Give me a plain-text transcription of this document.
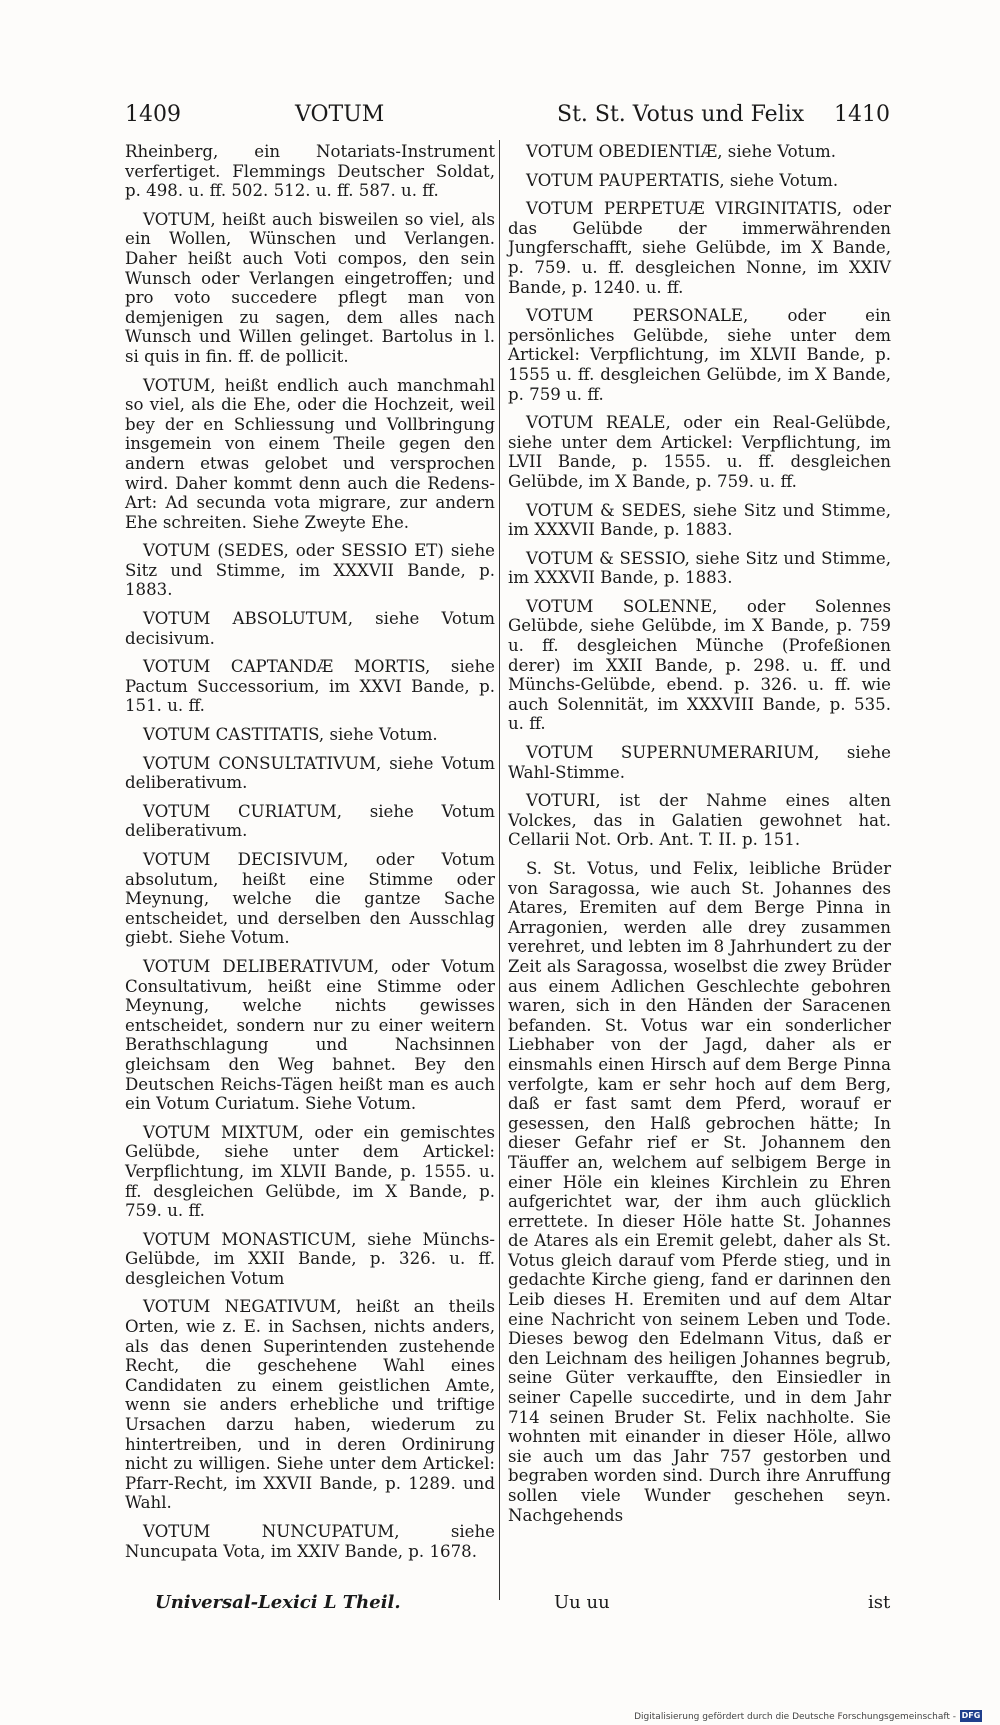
1409	VOTUM	St. St. Votus und Felix 1410

Rheinberg, ein Notariats-Instrument verfertiget. Flemmings Deutscher Soldat, p. 498. u. ff. 502. 512. u. ff. 587. u. ff.

VOTUM, heißt auch bisweilen so viel, als ein Wollen, Wünschen und Verlangen. Daher heißt auch Voti compos, den sein Wunsch oder Verlangen eingetroffen; und pro voto succedere pflegt man von demjenigen zu sagen, dem alles nach Wunsch und Willen gelinget. Bartolus in l. si quis in fin. ff. de pollicit.

VOTUM, heißt endlich auch manchmahl so viel, als die Ehe, oder die Hochzeit, weil bey der en Schliessung und Vollbringung insgemein von einem Theile gegen den andern etwas gelobet und versprochen wird. Daher kommt denn auch die Redens-Art: Ad secunda vota migrare, zur andern Ehe schreiten. Siehe Zweyte Ehe.

VOTUM (SEDES, oder SESSIO ET) siehe Sitz und Stimme, im XXXVII Bande, p. 1883.

VOTUM ABSOLUTUM, siehe Votum decisivum.

VOTUM CAPTANDÆ MORTIS, siehe Pactum Successorium, im XXVI Bande, p. 151. u. ff.

VOTUM CASTITATIS, siehe Votum.

VOTUM CONSULTATIVUM, siehe Votum deliberativum.

VOTUM CURIATUM, siehe Votum deliberativum.

VOTUM DECISIVUM, oder Votum absolutum, heißt eine Stimme oder Meynung, welche die gantze Sache entscheidet, und derselben den Ausschlag giebt. Siehe Votum.

VOTUM DELIBERATIVUM, oder Votum Consultativum, heißt eine Stimme oder Meynung, welche nichts gewisses entscheidet, sondern nur zu einer weitern Berathschlagung und Nachsinnen gleichsam den Weg bahnet. Bey den Deutschen Reichs-Tägen heißt man es auch ein Votum Curiatum. Siehe Votum.

VOTUM MIXTUM, oder ein gemischtes Gelübde, siehe unter dem Artickel: Verpflichtung, im XLVII Bande, p. 1555. u. ff. desgleichen Gelübde, im X Bande, p. 759. u. ff.

VOTUM MONASTICUM, siehe Münchs-Gelübde, im XXII Bande, p. 326. u. ff. desgleichen Votum

VOTUM NEGATIVUM, heißt an theils Orten, wie z. E. in Sachsen, nichts anders, als das denen Superintenden zustehende Recht, die geschehene Wahl eines Candidaten zu einem geistlichen Amte, wenn sie anders erhebliche und triftige Ursachen darzu haben, wiederum zu hintertreiben, und in deren Ordinirung nicht zu willigen. Siehe unter dem Artickel: Pfarr-Recht, im XXVII Bande, p. 1289. und Wahl.

VOTUM NUNCUPATUM, siehe Nuncupata Vota, im XXIV Bande, p. 1678.

VOTUM OBEDIENTIÆ, siehe Votum.

VOTUM PAUPERTATIS, siehe Votum.

VOTUM PERPETUÆ VIRGINITATIS, oder das Gelübde der immerwährenden Jungferschafft, siehe Gelübde, im X Bande, p. 759. u. ff. desgleichen Nonne, im XXIV Bande, p. 1240. u. ff.

VOTUM PERSONALE, oder ein persönliches Gelübde, siehe unter dem Artickel: Verpflichtung, im XLVII Bande, p. 1555 u. ff. desgleichen Gelübde, im X Bande, p. 759 u. ff.

VOTUM REALE, oder ein Real-Gelübde, siehe unter dem Artickel: Verpflichtung, im LVII Bande, p. 1555. u. ff. desgleichen Gelübde, im X Bande, p. 759. u. ff.

VOTUM & SEDES, siehe Sitz und Stimme, im XXXVII Bande, p. 1883.

VOTUM & SESSIO, siehe Sitz und Stimme, im XXXVII Bande, p. 1883.

VOTUM SOLENNE, oder Solennes Gelübde, siehe Gelübde, im X Bande, p. 759 u. ff. desgleichen Münche (Profeßionen derer) im XXII Bande, p. 298. u. ff. und Münchs-Gelübde, ebend. p. 326. u. ff. wie auch Solennität, im XXXVIII Bande, p. 535. u. ff.

VOTUM SUPERNUMERARIUM, siehe Wahl-Stimme.

VOTURI, ist der Nahme eines alten Volckes, das in Galatien gewohnet hat. Cellarii Not. Orb. Ant. T. II. p. 151.

S. St. Votus, und Felix, leibliche Brüder von Saragossa, wie auch St. Johannes des Atares, Eremiten auf dem Berge Pinna in Arragonien, werden alle drey zusammen verehret, und lebten im 8 Jahrhundert zu der Zeit als Saragossa, woselbst die zwey Brüder aus einem Adlichen Geschlechte gebohren waren, sich in den Händen der Saracenen befanden. St. Votus war ein sonderlicher Liebhaber von der Jagd, daher als er einsmahls einen Hirsch auf dem Berge Pinna verfolgte, kam er sehr hoch auf dem Berg, daß er fast samt dem Pferd, worauf er gesessen, den Halß gebrochen hätte; In dieser Gefahr rief er St. Johannem den Täuffer an, welchem auf selbigem Berge in einer Höle ein kleines Kirchlein zu Ehren aufgerichtet war, der ihm auch glücklich errettete. In dieser Höle hatte St. Johannes de Atares als ein Eremit gelebt, daher als St. Votus gleich darauf vom Pferde stieg, und in gedachte Kirche gieng, fand er darinnen den Leib dieses H. Eremiten und auf dem Altar eine Nachricht von seinem Leben und Tode. Dieses bewog den Edelmann Vitus, daß er den Leichnam des heiligen Johannes begrub, seine Güter verkauffte, den Einsiedler in seiner Capelle succedirte, und in dem Jahr 714 seinen Bruder St. Felix nachholte. Sie wohnten mit einander in dieser Höle, allwo sie auch um das Jahr 757 gestorben und begraben worden sind. Durch ihre Anruffung sollen viele Wunder geschehen seyn. Nachgehends

Universal-Lexici L Theil.	Uu uu	ist
Digitalisierung gefördert durch die Deutsche Forschungsgemeinschaft - DFG
